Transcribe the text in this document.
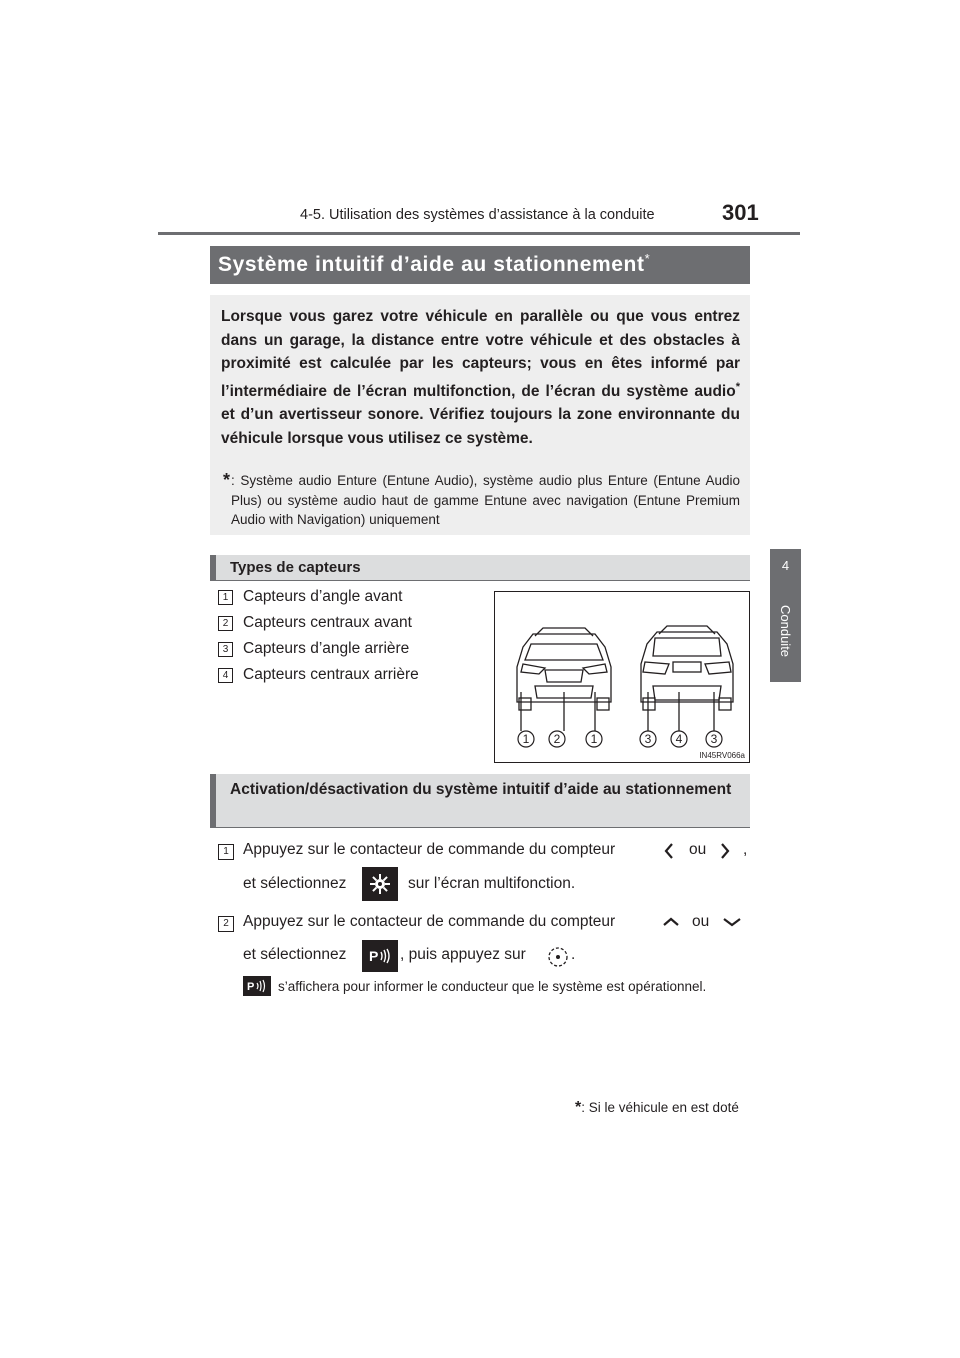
4-5. Utilisation des systèmes d’assistance à la conduite	301
4
Conduite
Système intuitif d’aide au stationnement*
Lorsque vous garez votre véhicule en parallèle ou que vous entrez dans un garage, la distance entre votre véhicule et des obstacles à proximité est calculée par les capteurs; vous en êtes informé par l’intermédiaire de l’écran multifonction, de l’écran du système audio* et d’un avertisseur sonore. Vérifiez toujours la zone environnante du véhicule lorsque vous utilisez ce système.
* : Système audio Enture (Entune Audio), système audio plus Enture (Entune Audio Plus) ou système audio haut de gamme Entune avec navigation (Entune Premium Audio with Navigation) uniquement
Types de capteurs
1 Capteurs d’angle avant
2 Capteurs centraux avant
3 Capteurs d’angle arrière
4 Capteurs centraux arrière
1 2	1	3 4 3
IN45RV066a
Activation/désactivation du système intuitif d’aide au stationnement
1 Appuyez sur le contacteur de commande du compteur	ou ,
et sélectionnez	sur l’écran multifonction.
2 Appuyez sur le contacteur de commande du compteur	ou
et sélectionnez P , puis appuyez sur	.
P	s’affichera pour informer le conducteur que le système est opérationnel.
*: Si le véhicule en est doté
